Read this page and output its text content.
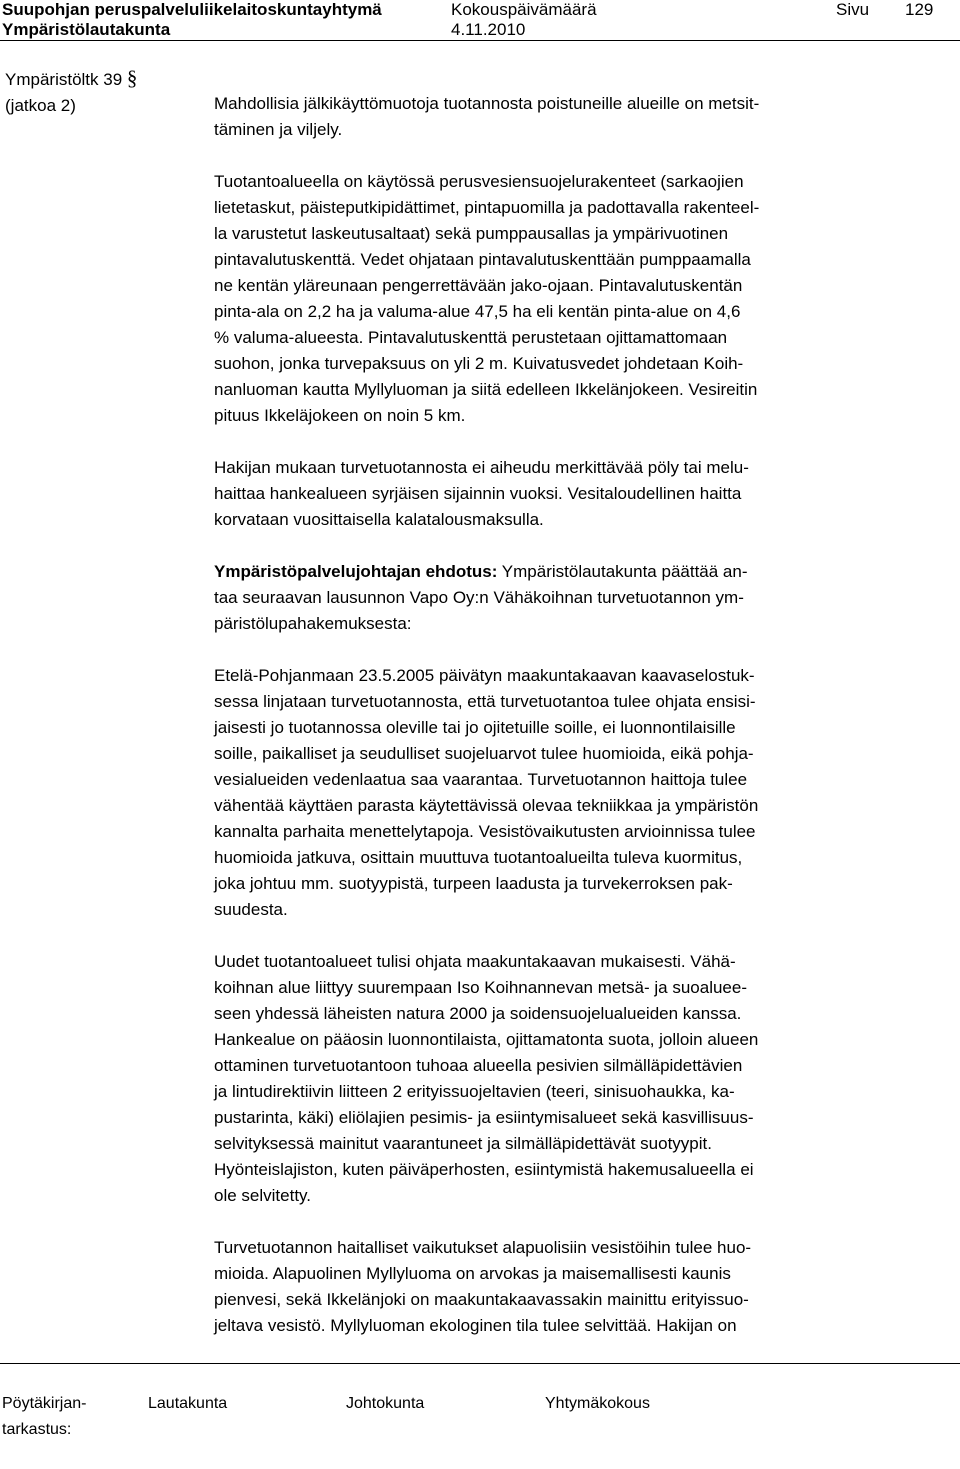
Suupohjan peruspalveluliikelaitoskuntayhtymä
Ympäristölautakunta
Kokouspäivämäärä
4.11.2010
Sivu 129
Ympäristöltk 39 §
(jatkoa 2)	Mahdollisia jälkikäyttömuotoja tuotannosta poistuneille alueille on metsit-
täminen ja viljely.

Tuotantoalueella on käytössä perusvesiensuojelurakenteet (sarkaojien
lietetaskut, päisteputkipidättimet, pintapuomilla ja padottavalla rakenteel-
la varustetut laskeutusaltaat) sekä pumppausallas ja ympärivuotinen
pintavalutuskenttä. Vedet ohjataan pintavalutuskenttään pumppaamalla
ne kentän yläreunaan pengerrettävään jako-ojaan. Pintavalutuskentän
pinta-ala on 2,2 ha ja valuma-alue 47,5 ha eli kentän pinta-alue on 4,6
% valuma-alueesta. Pintavalutuskenttä perustetaan ojittamattomaan
suohon, jonka turvepaksuus on yli 2 m. Kuivatusvedet johdetaan Koih-
nanluoman kautta Myllyluoman ja siitä edelleen Ikkelänjokeen. Vesireitin
pituus Ikkeläjokeen on noin 5 km.

Hakijan mukaan turvetuotannosta ei aiheudu merkittävää pöly tai melu-
haittaa hankealueen syrjäisen sijainnin vuoksi. Vesitaloudellinen haitta
korvataan vuosittaisella kalatalousmaksulla.

Ympäristöpalvelujohtajan ehdotus: Ympäristölautakunta päättää an-
taa seuraavan lausunnon Vapo Oy:n Vähäkoihnan turvetuotannon ym-
päristölupahakemuksesta:

Etelä-Pohjanmaan 23.5.2005 päivätyn maakuntakaavan kaavaselostuk-
sessa linjataan turvetuotannosta, että turvetuotantoa tulee ohjata ensisi-
jaisesti jo tuotannossa oleville tai jo ojitetuille soille, ei luonnontilaisille
soille, paikalliset ja seudulliset suojeluarvot tulee huomioida, eikä pohja-
vesialueiden vedenlaatua saa vaarantaa. Turvetuotannon haittoja tulee
vähentää käyttäen parasta käytettävissä olevaa tekniikkaa ja ympäristön
kannalta parhaita menettelytapoja. Vesistövaikutusten arvioinnissa tulee
huomioida jatkuva, osittain muuttuva tuotantoalueilta tuleva kuormitus,
joka johtuu mm. suotyypistä, turpeen laadusta ja turvekerroksen pak-
suudesta.

Uudet tuotantoalueet tulisi ohjata maakuntakaavan mukaisesti. Vähä-
koihnan alue liittyy suurempaan Iso Koihnannevan metsä- ja suoaluee-
seen yhdessä läheisten natura 2000 ja soidensuojelualueiden kanssa.
Hankealue on pääosin luonnontilaista, ojittamatonta suota, jolloin alueen
ottaminen turvetuotantoon tuhoaa alueella pesivien silmälläpidettävien
ja lintudirektiivin liitteen 2 erityissuojeltavien (teeri, sinisuohaukka, ka-
pustarinta, käki) eliölajien pesimis- ja esiintymisalueet sekä kasvillisuus-
selvityksessä mainitut vaarantuneet ja silmälläpidettävät suotyypit.
Hyönteislajiston, kuten päiväperhosten, esiintymistä hakemusalueella ei
ole selvitetty.

Turvetuotannon haitalliset vaikutukset alapuolisiin vesistöihin tulee huo-
mioida. Alapuolinen Myllyluoma on arvokas ja maisemallisesti kaunis
pienvesi, sekä Ikkelänjoki on maakuntakaavassakin mainittu erityissuo-
jeltava vesistö. Myllyluoman ekologinen tila tulee selvittää. Hakijan on

Pöytäkirjan-
tarkastus:
Lautakunta	Johtokunta	Yhtymäkokous
